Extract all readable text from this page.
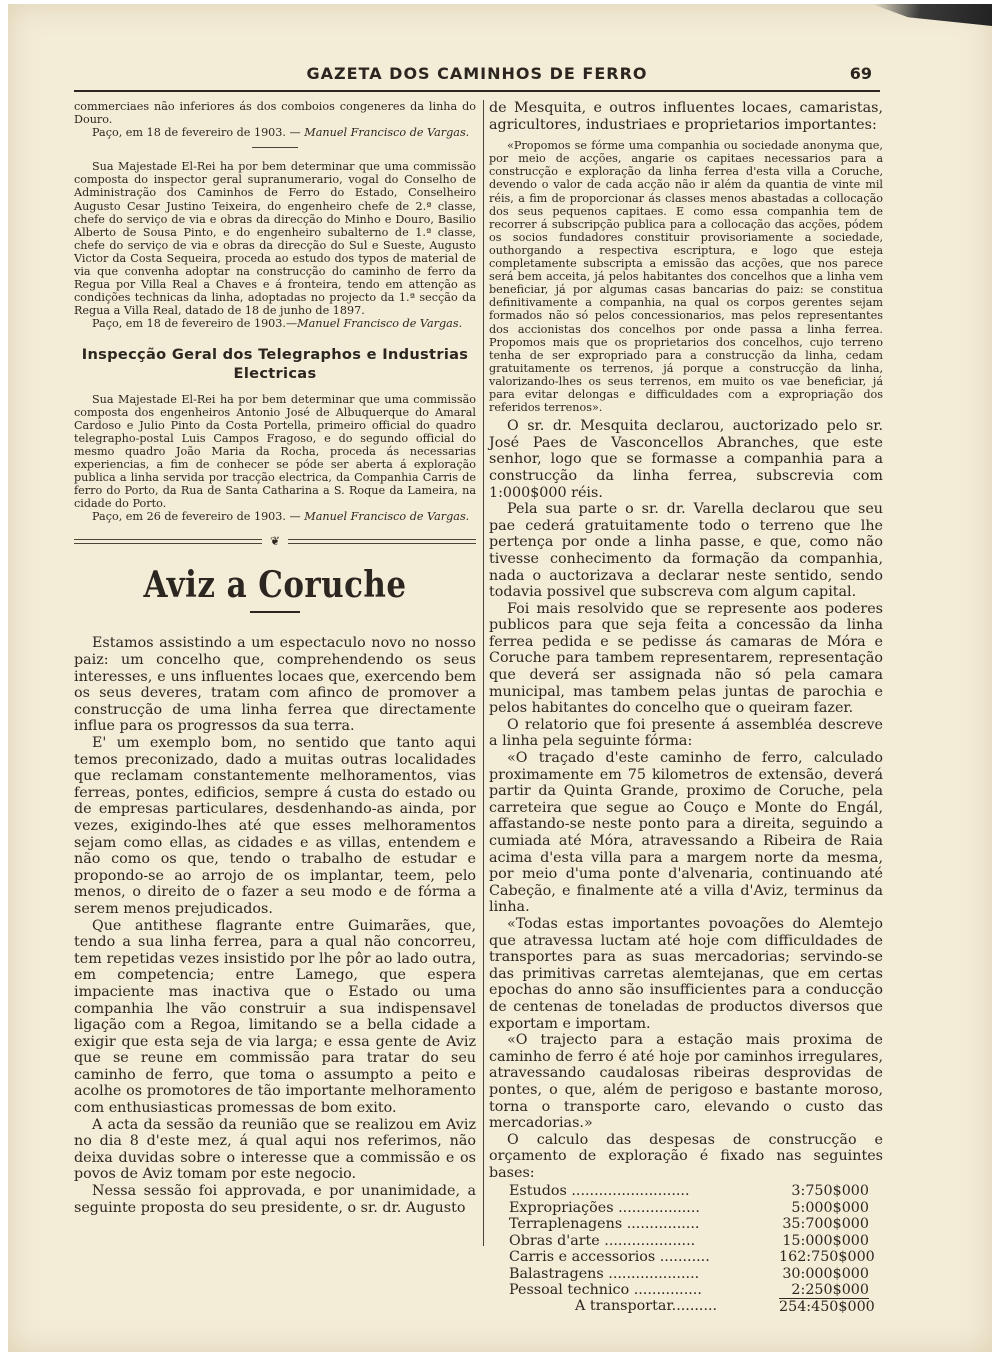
GAZETA DOS CAMINHOS DE FERRO	69

commerciaes não inferiores ás dos comboios congeneres da linha do Douro.

Paço, em 18 de fevereiro de 1903. — Manuel Francisco de Vargas.

Sua Majestade El-Rei ha por bem determinar que uma commissão composta do inspector geral supranumerario, vogal do Conselho de Administração dos Caminhos de Ferro do Estado, Conselheiro Augusto Cesar Justino Teixeira, do engenheiro chefe de 2.ª classe, chefe do serviço de via e obras da direcção do Minho e Douro, Basilio Alberto de Sousa Pinto, e do engenheiro subalterno de 1.ª classe, chefe do serviço de via e obras da direcção do Sul e Sueste, Augusto Victor da Costa Sequeira, proceda ao estudo dos typos de material de via que convenha adoptar na construcção do caminho de ferro da Regua por Villa Real a Chaves e á fronteira, tendo em attenção as condições technicas da linha, adoptadas no projecto da 1.ª secção da Regua a Villa Real, datado de 18 de junho de 1897.

Paço, em 18 de fevereiro de 1903.—Manuel Francisco de Vargas.

Inspecção Geral dos Telegraphos e Industrias Electricas

Sua Majestade El-Rei ha por bem determinar que uma commissão composta dos engenheiros Antonio José de Albuquerque do Amaral Cardoso e Julio Pinto da Costa Portella, primeiro official do quadro telegrapho-postal Luis Campos Fragoso, e do segundo official do mesmo quadro João Maria da Rocha, proceda ás necessarias experiencias, a fim de conhecer se póde ser aberta á exploração publica a linha servida por tracção electrica, da Companhia Carris de ferro do Porto, da Rua de Santa Catharina a S. Roque da Lameira, na cidade do Porto.

Paço, em 26 de fevereiro de 1903. — Manuel Francisco de Vargas.

❦
Aviz a Coruche

Estamos assistindo a um espectaculo novo no nosso paiz: um concelho que, comprehendendo os seus interesses, e uns influentes locaes que, exercendo bem os seus deveres, tratam com afinco de promover a construcção de uma linha ferrea que directamente influe para os progressos da sua terra.

E' um exemplo bom, no sentido que tanto aqui temos preconizado, dado a muitas outras localidades que reclamam constantemente melhoramentos, vias ferreas, pontes, edificios, sempre á custa do estado ou de empresas particulares, desdenhando-as ainda, por vezes, exigindo-lhes até que esses melhoramentos sejam como ellas, as cidades e as villas, entendem e não como os que, tendo o trabalho de estudar e propondo-se ao arrojo de os implantar, teem, pelo menos, o direito de o fazer a seu modo e de fórma a serem menos prejudicados.

Que antithese flagrante entre Guimarães, que, tendo a sua linha ferrea, para a qual não concorreu, tem repetidas vezes insistido por lhe pôr ao lado outra, em competencia; entre Lamego, que espera impaciente mas inactiva que o Estado ou uma companhia lhe vão construir a sua indispensavel ligação com a Regoa, limitando se a bella cidade a exigir que esta seja de via larga; e essa gente de Aviz que se reune em commissão para tratar do seu caminho de ferro, que toma o assumpto a peito e acolhe os promotores de tão importante melhoramento com enthusiasticas promessas de bom exito.

A acta da sessão da reunião que se realizou em Aviz no dia 8 d'este mez, á qual aqui nos referimos, não deixa duvidas sobre o interesse que a commissão e os povos de Aviz tomam por este negocio.

Nessa sessão foi approvada, e por unanimidade, a seguinte proposta do seu presidente, o sr. dr. Augusto

de Mesquita, e outros influentes locaes, camaristas, agricultores, industriaes e proprietarios importantes:

«Propomos se fórme uma companhia ou sociedade anonyma que, por meio de acções, angarie os capitaes necessarios para a construcção e exploração da linha ferrea d'esta villa a Coruche, devendo o valor de cada acção não ir além da quantia de vinte mil réis, a fim de proporcionar ás classes menos abastadas a collocação dos seus pequenos capitaes. E como essa companhia tem de recorrer á subscripção publica para a collocação das acções, pódem os socios fundadores constituir provisoriamente a sociedade, outhorgando a respectiva escriptura, e logo que esteja completamente subscripta a emissão das acções, que nos parece será bem acceita, já pelos habitantes dos concelhos que a linha vem beneficiar, já por algumas casas bancarias do paiz: se constitua definitivamente a companhia, na qual os corpos gerentes sejam formados não só pelos concessionarios, mas pelos representantes dos accionistas dos concelhos por onde passa a linha ferrea. Propomos mais que os proprietarios dos concelhos, cujo terreno tenha de ser expropriado para a construcção da linha, cedam gratuitamente os terrenos, já porque a construcção da linha, valorizando-lhes os seus terrenos, em muito os vae beneficiar, já para evitar delongas e difficuldades com a expropriação dos referidos terrenos».

O sr. dr. Mesquita declarou, auctorizado pelo sr. José Paes de Vasconcellos Abranches, que este senhor, logo que se formasse a companhia para a construcção da linha ferrea, subscrevia com 1:000$000 réis.

Pela sua parte o sr. dr. Varella declarou que seu pae cederá gratuitamente todo o terreno que lhe pertença por onde a linha passe, e que, como não tivesse conhecimento da formação da companhia, nada o auctorizava a declarar neste sentido, sendo todavia possivel que subscreva com algum capital.

Foi mais resolvido que se represente aos poderes publicos para que seja feita a concessão da linha ferrea pedida e se pedisse ás camaras de Móra e Coruche para tambem representarem, representação que deverá ser assignada não só pela camara municipal, mas tambem pelas juntas de parochia e pelos habitantes do concelho que o queiram fazer.

O relatorio que foi presente á assembléa descreve a linha pela seguinte fórma:

«O traçado d'este caminho de ferro, calculado proximamente em 75 kilometros de extensão, deverá partir da Quinta Grande, proximo de Coruche, pela carreteira que segue ao Couço e Monte do Engál, affastando-se neste ponto para a direita, seguindo a cumiada até Móra, atravessando a Ribeira de Raia acima d'esta villa para a margem norte da mesma, por meio d'uma ponte d'alvenaria, continuando até Cabeção, e finalmente até a villa d'Aviz, terminus da linha.

«Todas estas importantes povoações do Alemtejo que atravessa luctam até hoje com difficuldades de transportes para as suas mercadorias; servindo-se das primitivas carretas alemtejanas, que em certas epochas do anno são insufficientes para a conducção de centenas de toneladas de productos diversos que exportam e importam.

«O trajecto para a estação mais proxima de caminho de ferro é até hoje por caminhos irregulares, atravessando caudalosas ribeiras desprovidas de pontes, o que, além de perigoso e bastante moroso, torna o transporte caro, elevando o custo das mercadorias.»

O calculo das despesas de construcção e orçamento de exploração é fixado nas seguintes bases:

Estudos ..........................	3:750$000
Expropriações ..................	5:000$000
Terraplenagens ................	35:700$000
Obras d'arte ....................	15:000$000
Carris e accessorios ...........	162:750$000
Balastragens ....................	30:000$000
Pessoal technico ...............	2:250$000
A transportar..........	254:450$000
